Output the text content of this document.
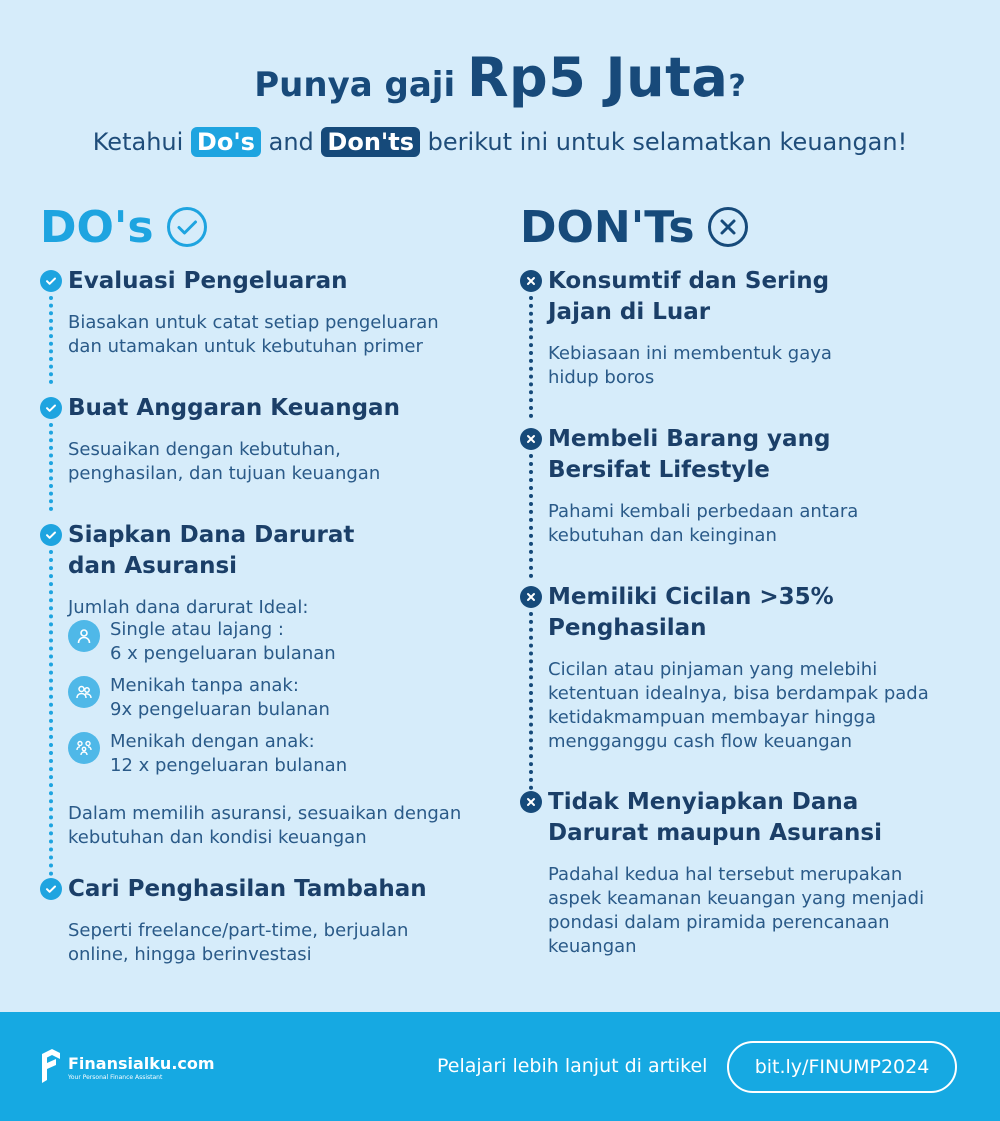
Punya gaji Rp5 Juta?
Ketahui Do's and Don'ts berikut ini untuk selamatkan keuangan!
DO's
Evaluasi Pengeluaran
Biasakan untuk catat setiap pengeluaran dan utamakan untuk kebutuhan primer
Buat Anggaran Keuangan
Sesuaikan dengan kebutuhan, penghasilan, dan tujuan keuangan
Siapkan Dana Darurat dan Asuransi
Jumlah dana darurat Ideal:
Single atau lajang :
6 x pengeluaran bulanan
Menikah tanpa anak:
9x pengeluaran bulanan
Menikah dengan anak:
12 x pengeluaran bulanan
Dalam memilih asuransi, sesuaikan dengan kebutuhan dan kondisi keuangan
Cari Penghasilan Tambahan
Seperti freelance/part-time, berjualan online, hingga berinvestasi
DON'Ts
Konsumtif dan Sering Jajan di Luar
Kebiasaan ini membentuk gaya hidup boros
Membeli Barang yang Bersifat Lifestyle
Pahami kembali perbedaan antara kebutuhan dan keinginan
Memiliki Cicilan >35% Penghasilan
Cicilan atau pinjaman yang melebihi ketentuan idealnya, bisa berdampak pada ketidakmampuan membayar hingga mengganggu cash flow keuangan
Tidak Menyiapkan Dana Darurat maupun Asuransi
Padahal kedua hal tersebut merupakan aspek keamanan keuangan yang menjadi pondasi dalam piramida perencanaan keuangan
Finansialku.com
Your Personal Finance Assistant	Pelajari lebih lanjut di artikel	bit.ly/FINUMP2024
